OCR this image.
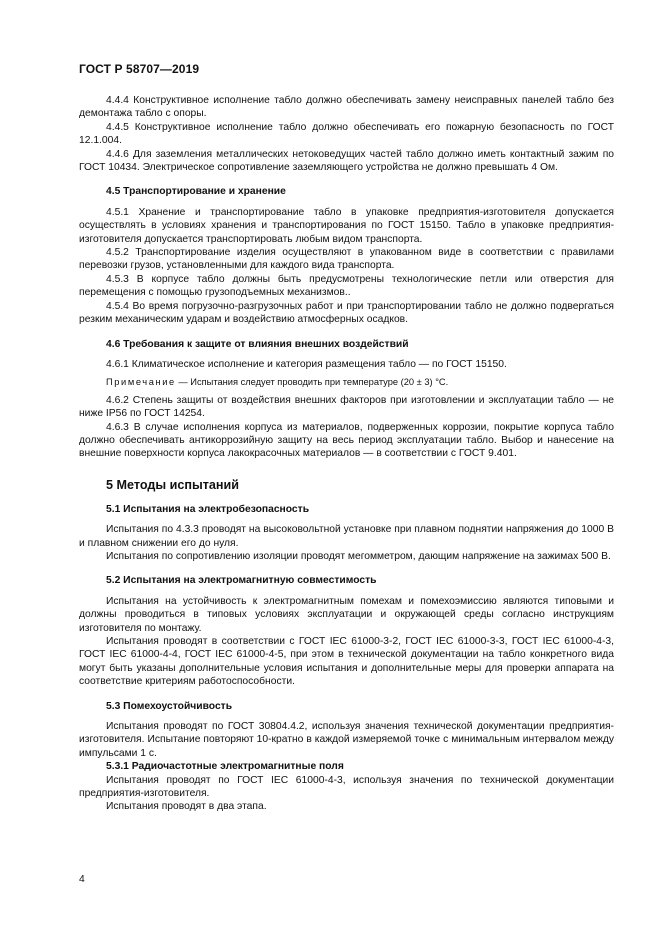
ГОСТ Р 58707—2019

4.4.4 Конструктивное исполнение табло должно обеспечивать замену неисправных панелей табло без демонтажа табло с опоры.

4.4.5 Конструктивное исполнение табло должно обеспечивать его пожарную безопасность по ГОСТ 12.1.004.

4.4.6 Для заземления металлических нетоковедущих частей табло должно иметь контактный зажим по ГОСТ 10434. Электрическое сопротивление заземляющего устройства не должно превышать 4 Ом.

4.5 Транспортирование и хранение

4.5.1 Хранение и транспортирование табло в упаковке предприятия-изготовителя допускается осуществлять в условиях хранения и транспортирования по ГОСТ 15150. Табло в упаковке предприятия-изготовителя допускается транспортировать любым видом транспорта.

4.5.2 Транспортирование изделия осуществляют в упакованном виде в соответствии с правилами перевозки грузов, установленными для каждого вида транспорта.

4.5.3 В корпусе табло должны быть предусмотрены технологические петли или отверстия для перемещения с помощью грузоподъемных механизмов..

4.5.4 Во время погрузочно-разгрузочных работ и при транспортировании табло не должно подвергаться резким механическим ударам и воздействию атмосферных осадков.

4.6 Требования к защите от влияния внешних воздействий

4.6.1 Климатическое исполнение и категория размещения табло — по ГОСТ 15150.

Примечание — Испытания следует проводить при температуре (20 ± 3) °С.

4.6.2 Степень защиты от воздействия внешних факторов при изготовлении и эксплуатации табло — не ниже IP56 по ГОСТ 14254.

4.6.3 В случае исполнения корпуса из материалов, подверженных коррозии, покрытие корпуса табло должно обеспечивать антикоррозийную защиту на весь период эксплуатации табло. Выбор и нанесение на внешние поверхности корпуса лакокрасочных материалов — в соответствии с ГОСТ 9.401.

5 Методы испытаний

5.1 Испытания на электробезопасность

Испытания по 4.3.3 проводят на высоковольтной установке при плавном поднятии напряжения до 1000 В и плавном снижении его до нуля.

Испытания по сопротивлению изоляции проводят мегомметром, дающим напряжение на зажимах 500 В.

5.2 Испытания на электромагнитную совместимость

Испытания на устойчивость к электромагнитным помехам и помехоэмиссию являются типовыми и должны проводиться в типовых условиях эксплуатации и окружающей среды согласно инструкциям изготовителя по монтажу.

Испытания проводят в соответствии с ГОСТ IEC 61000-3-2, ГОСТ IEC 61000-3-3, ГОСТ IEC 61000-4-3, ГОСТ IEC 61000-4-4, ГОСТ IEC 61000-4-5, при этом в технической документации на табло конкретного вида могут быть указаны дополнительные условия испытания и дополнительные меры для проверки аппарата на соответствие критериям работоспособности.

5.3 Помехоустойчивость

Испытания проводят по ГОСТ 30804.4.2, используя значения технической документации предприятия-изготовителя. Испытание повторяют 10-кратно в каждой измеряемой точке с минимальным интервалом между импульсами 1 с.

5.3.1 Радиочастотные электромагнитные поля

Испытания проводят по ГОСТ IEC 61000-4-3, используя значения по технической документации предприятия-изготовителя.

Испытания проводят в два этапа.

4
